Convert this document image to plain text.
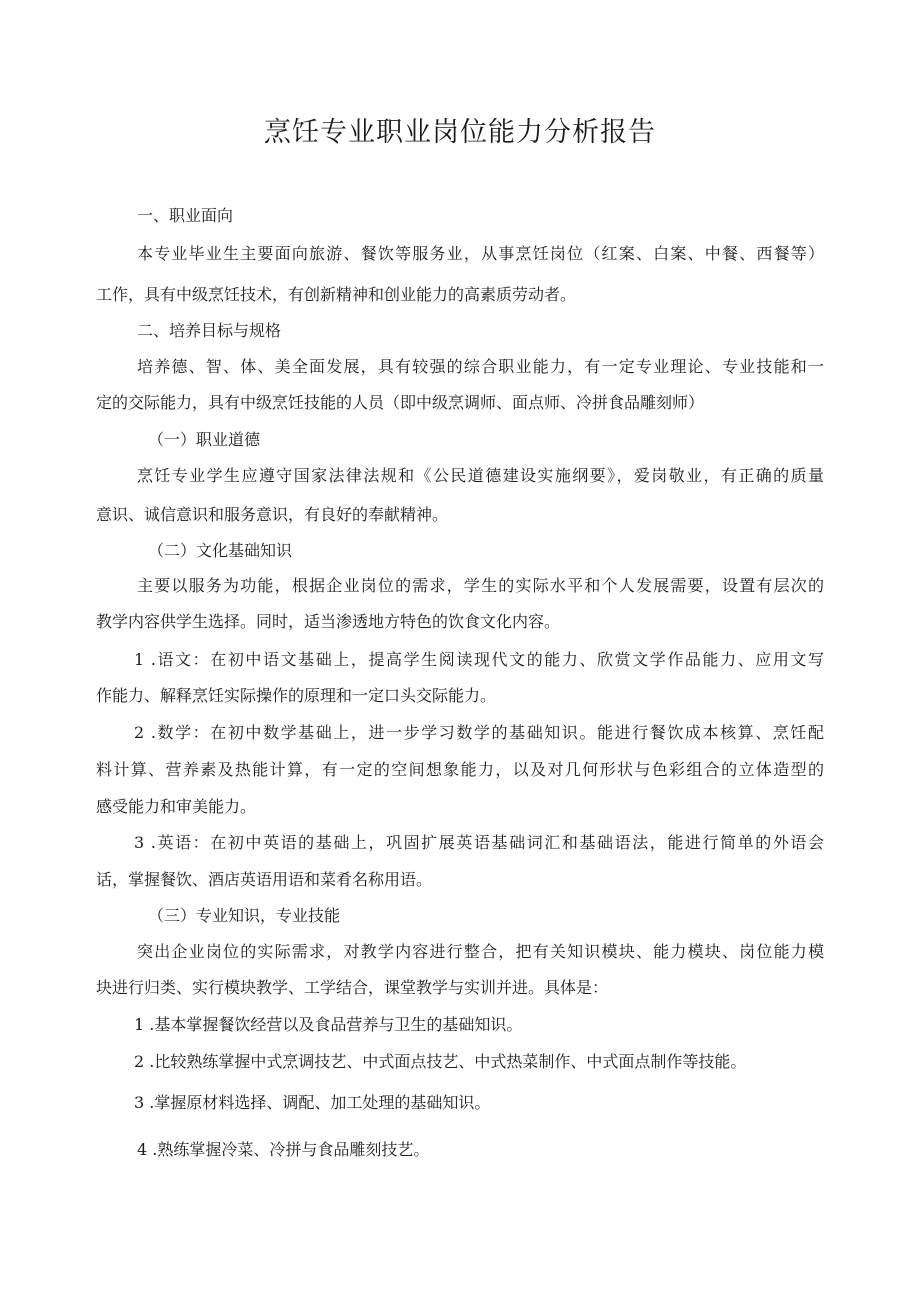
烹饪专业职业岗位能力分析报告

一、职业面向

本专业毕业生主要面向旅游、餐饮等服务业，从事烹饪岗位（红案、白案、中餐、西餐等）

工作，具有中级烹饪技术，有创新精神和创业能力的高素质劳动者。

二、培养目标与规格

培养德、智、体、美全面发展，具有较强的综合职业能力，有一定专业理论、专业技能和一

定的交际能力，具有中级烹饪技能的人员（即中级烹调师、面点师、冷拼食品雕刻师）

（一）职业道德

烹饪专业学生应遵守国家法律法规和《公民道德建设实施纲要》，爱岗敬业，有正确的质量

意识、诚信意识和服务意识，有良好的奉献精神。

（二）文化基础知识

主要以服务为功能，根据企业岗位的需求，学生的实际水平和个人发展需要，设置有层次的

教学内容供学生选择。同时，适当渗透地方特色的饮食文化内容。

1 .语文：在初中语文基础上，提高学生阅读现代文的能力、欣赏文学作品能力、应用文写

作能力、解释烹饪实际操作的原理和一定口头交际能力。

2 .数学：在初中数学基础上，进一步学习数学的基础知识。能进行餐饮成本核算、烹饪配

料计算、营养素及热能计算，有一定的空间想象能力，以及对几何形状与色彩组合的立体造型的

感受能力和审美能力。

3 .英语：在初中英语的基础上，巩固扩展英语基础词汇和基础语法，能进行简单的外语会

话，掌握餐饮、酒店英语用语和菜肴名称用语。

（三）专业知识，专业技能

突出企业岗位的实际需求，对教学内容进行整合，把有关知识模块、能力模块、岗位能力模

块进行归类、实行模块教学、工学结合，课堂教学与实训并进。具体是：

1 .基本掌握餐饮经营以及食品营养与卫生的基础知识。

2 .比较熟练掌握中式烹调技艺、中式面点技艺、中式热菜制作、中式面点制作等技能。

3 .掌握原材料选择、调配、加工处理的基础知识。

4 .熟练掌握冷菜、冷拼与食品雕刻技艺。
